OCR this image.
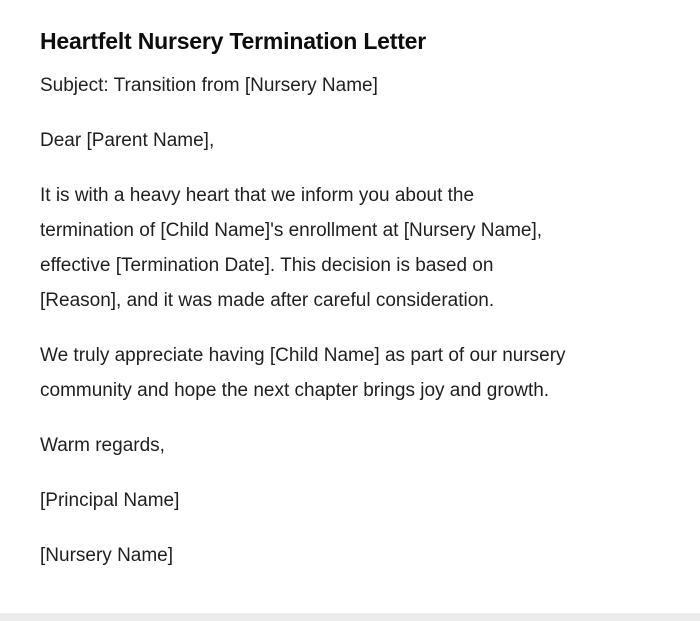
Heartfelt Nursery Termination Letter

Subject: Transition from [Nursery Name]

Dear [Parent Name],

It is with a heavy heart that we inform you about the
termination of [Child Name]'s enrollment at [Nursery Name],
effective [Termination Date]. This decision is based on
[Reason], and it was made after careful consideration.

We truly appreciate having [Child Name] as part of our nursery
community and hope the next chapter brings joy and growth.

Warm regards,

[Principal Name]

[Nursery Name]
